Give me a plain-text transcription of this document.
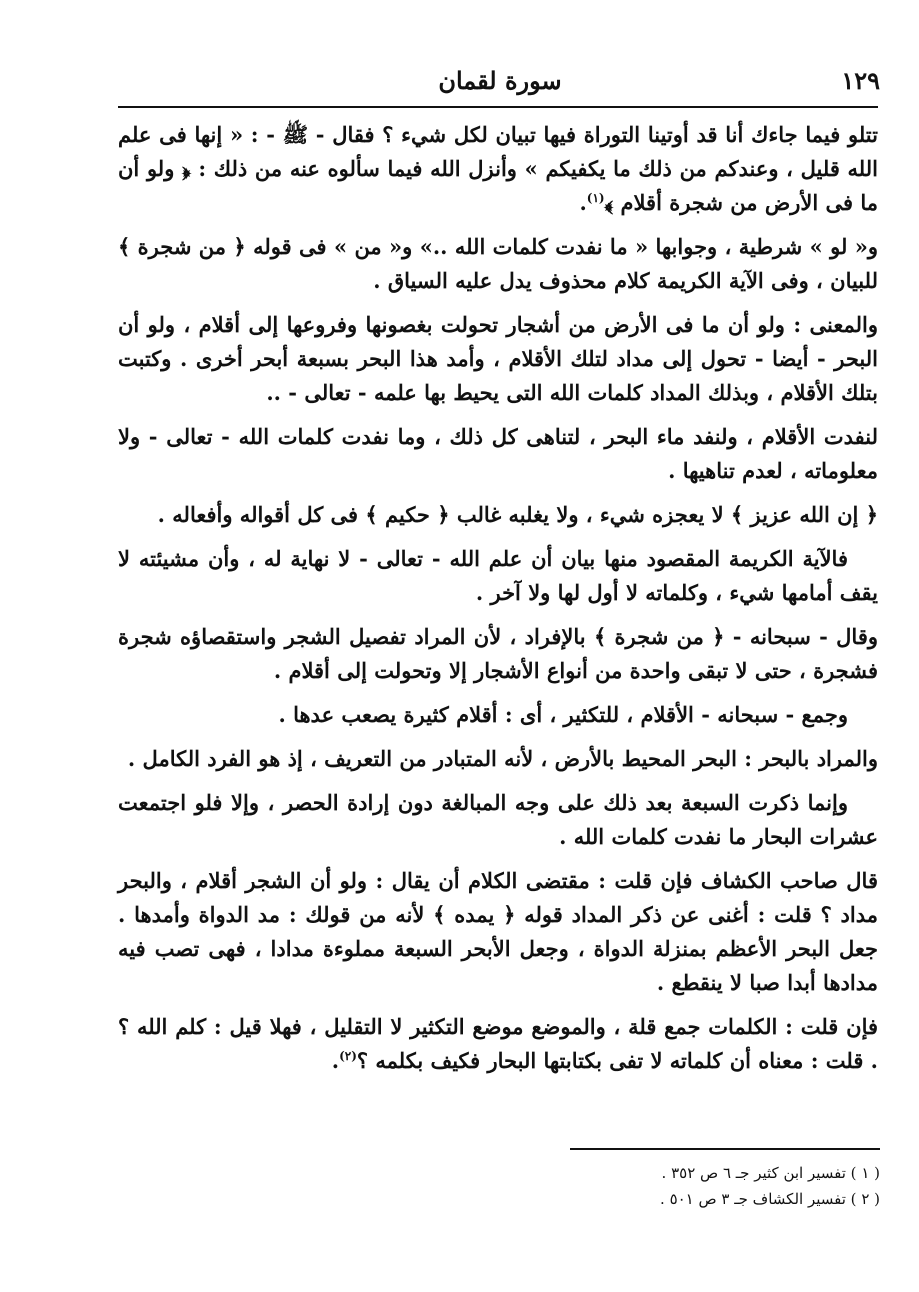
١٢٩
سورة لقمان

تتلو فيما جاءك أنا قد أوتينا التوراة فيها تبيان لكل شيء ؟ فقال - ﷺ - : « إنها فى علم الله قليل ، وعندكم من ذلك ما يكفيكم » وأنزل الله فيما سألوه عنه من ذلك : ﴿ ولو أن ما فى الأرض من شجرة أقلام ﴾$^{(١)}$.

و« لو » شرطية ، وجوابها « ما نفدت كلمات الله ..» و« من » فى قوله ﴿ من شجرة ﴾ للبيان ، وفى الآية الكريمة كلام محذوف يدل عليه السياق .

والمعنى : ولو أن ما فى الأرض من أشجار تحولت بغصونها وفروعها إلى أقلام ، ولو أن البحر - أيضا - تحول إلى مداد لتلك الأقلام ، وأمد هذا البحر بسبعة أبحر أخرى . وكتبت بتلك الأقلام ، وبذلك المداد كلمات الله التى يحيط بها علمه - تعالى - ..

لنفدت الأقلام ، ولنفد ماء البحر ، لتناهى كل ذلك ، وما نفدت كلمات الله - تعالى - ولا معلوماته ، لعدم تناهيها .

﴿ إن الله عزيز ﴾ لا يعجزه شيء ، ولا يغلبه غالب ﴿ حكيم ﴾ فى كل أقواله وأفعاله .

فالآية الكريمة المقصود منها بيان أن علم الله - تعالى - لا نهاية له ، وأن مشيئته لا يقف أمامها شيء ، وكلماته لا أول لها ولا آخر .

وقال - سبحانه - ﴿ من شجرة ﴾ بالإفراد ، لأن المراد تفصيل الشجر واستقصاؤه شجرة فشجرة ، حتى لا تبقى واحدة من أنواع الأشجار إلا وتحولت إلى أقلام .

وجمع - سبحانه - الأقلام ، للتكثير ، أى : أقلام كثيرة يصعب عدها .

والمراد بالبحر : البحر المحيط بالأرض ، لأنه المتبادر من التعريف ، إذ هو الفرد الكامل .

وإنما ذكرت السبعة بعد ذلك على وجه المبالغة دون إرادة الحصر ، وإلا فلو اجتمعت عشرات البحار ما نفدت كلمات الله .

قال صاحب الكشاف فإن قلت : مقتضى الكلام أن يقال : ولو أن الشجر أقلام ، والبحر مداد ؟ قلت : أغنى عن ذكر المداد قوله ﴿ يمده ﴾ لأنه من قولك : مد الدواة وأمدها . جعل البحر الأعظم بمنزلة الدواة ، وجعل الأبحر السبعة مملوءة مدادا ، فهى تصب فيه مدادها أبدا صبا لا ينقطع .

فإن قلت : الكلمات جمع قلة ، والموضع موضع التكثير لا التقليل ، فهلا قيل : كلم الله ؟ . قلت : معناه أن كلماته لا تفى بكتابتها البحار فكيف بكلمه ؟$^{(٢)}$.

( ١ ) تفسير ابن كثير جـ ٦ ص ٣٥٢ .

( ٢ ) تفسير الكشاف جـ ٣ ص ٥٠١ .
